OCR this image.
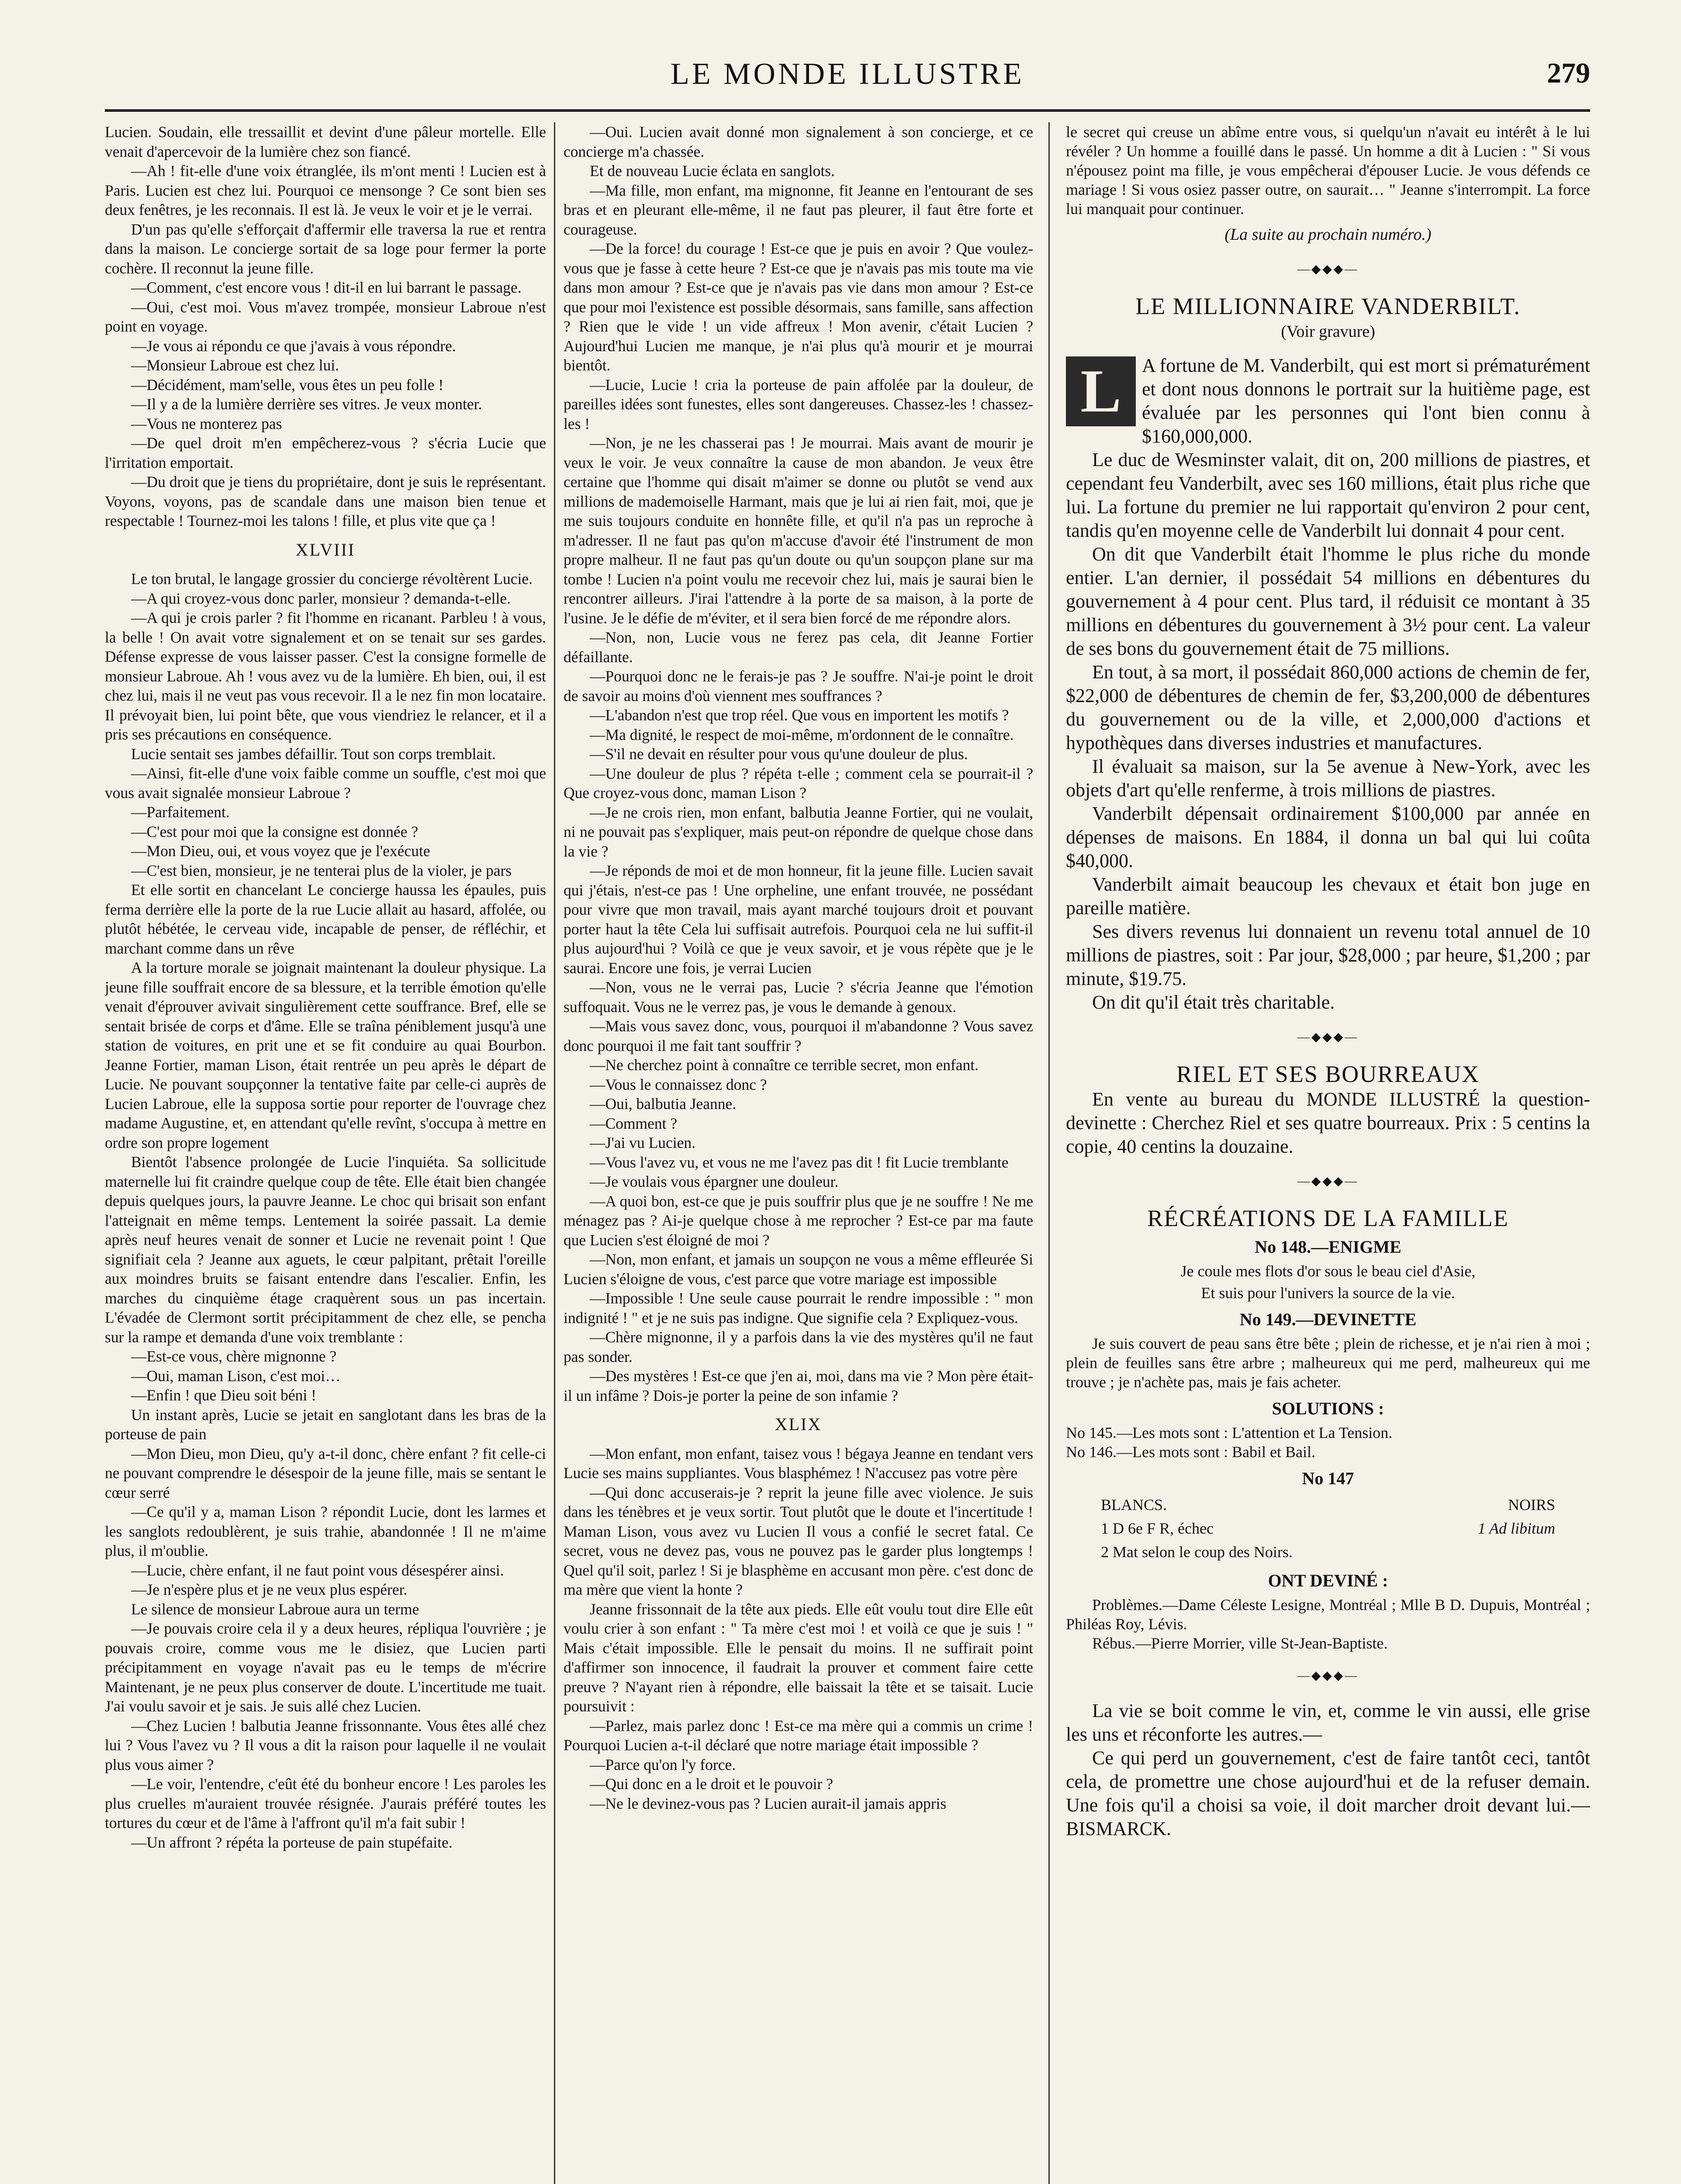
LE MONDE ILLUSTRE	279

Lucien. Soudain, elle tressaillit et devint d'une pâleur mortelle. Elle venait d'apercevoir de la lumière chez son fiancé.

—Ah ! fit-elle d'une voix étranglée, ils m'ont menti ! Lucien est à Paris. Lucien est chez lui. Pourquoi ce mensonge ? Ce sont bien ses deux fenêtres, je les reconnais. Il est là. Je veux le voir et je le verrai.

D'un pas qu'elle s'efforçait d'affermir elle traversa la rue et rentra dans la maison. Le concierge sortait de sa loge pour fermer la porte cochère. Il reconnut la jeune fille.

—Comment, c'est encore vous ! dit-il en lui barrant le passage.

—Oui, c'est moi. Vous m'avez trompée, monsieur Labroue n'est point en voyage.

—Je vous ai répondu ce que j'avais à vous répondre.

—Monsieur Labroue est chez lui.

—Décidément, mam'selle, vous êtes un peu folle !

—Il y a de la lumière derrière ses vitres. Je veux monter.

—Vous ne monterez pas

—De quel droit m'en empêcherez-vous ? s'écria Lucie que l'irritation emportait.

—Du droit que je tiens du propriétaire, dont je suis le représentant. Voyons, voyons, pas de scandale dans une maison bien tenue et respectable ! Tournez-moi les talons ! fille, et plus vite que ça !

XLVIII

Le ton brutal, le langage grossier du concierge révoltèrent Lucie.

—A qui croyez-vous donc parler, monsieur ? demanda-t-elle.

—A qui je crois parler ? fit l'homme en ricanant. Parbleu ! à vous, la belle ! On avait votre signalement et on se tenait sur ses gardes. Défense expresse de vous laisser passer. C'est la consigne formelle de monsieur Labroue. Ah ! vous avez vu de la lumière. Eh bien, oui, il est chez lui, mais il ne veut pas vous recevoir. Il a le nez fin mon locataire. Il prévoyait bien, lui point bête, que vous viendriez le relancer, et il a pris ses précautions en conséquence.

Lucie sentait ses jambes défaillir. Tout son corps tremblait.

—Ainsi, fit-elle d'une voix faible comme un souffle, c'est moi que vous avait signalée monsieur Labroue ?

—Parfaitement.

—C'est pour moi que la consigne est donnée ?

—Mon Dieu, oui, et vous voyez que je l'exécute

—C'est bien, monsieur, je ne tenterai plus de la violer, je pars

Et elle sortit en chancelant Le concierge haussa les épaules, puis ferma derrière elle la porte de la rue Lucie allait au hasard, affolée, ou plutôt hébétée, le cerveau vide, incapable de penser, de réfléchir, et marchant comme dans un rêve

A la torture morale se joignait maintenant la douleur physique. La jeune fille souffrait encore de sa blessure, et la terrible émotion qu'elle venait d'éprouver avivait singulièrement cette souffrance. Bref, elle se sentait brisée de corps et d'âme. Elle se traîna péniblement jusqu'à une station de voitures, en prit une et se fit conduire au quai Bourbon. Jeanne Fortier, maman Lison, était rentrée un peu après le départ de Lucie. Ne pouvant soupçonner la tentative faite par celle-ci auprès de Lucien Labroue, elle la supposa sortie pour reporter de l'ouvrage chez madame Augustine, et, en attendant qu'elle revînt, s'occupa à mettre en ordre son propre logement

Bientôt l'absence prolongée de Lucie l'inquiéta. Sa sollicitude maternelle lui fit craindre quelque coup de tête. Elle était bien changée depuis quelques jours, la pauvre Jeanne. Le choc qui brisait son enfant l'atteignait en même temps. Lentement la soirée passait. La demie après neuf heures venait de sonner et Lucie ne revenait point ! Que signifiait cela ? Jeanne aux aguets, le cœur palpitant, prêtait l'oreille aux moindres bruits se faisant entendre dans l'escalier. Enfin, les marches du cinquième étage craquèrent sous un pas incertain. L'évadée de Clermont sortit précipitamment de chez elle, se pencha sur la rampe et demanda d'une voix tremblante :

—Est-ce vous, chère mignonne ?

—Oui, maman Lison, c'est moi…

—Enfin ! que Dieu soit béni !

Un instant après, Lucie se jetait en sanglotant dans les bras de la porteuse de pain

—Mon Dieu, mon Dieu, qu'y a-t-il donc, chère enfant ? fit celle-ci ne pouvant comprendre le désespoir de la jeune fille, mais se sentant le cœur serré

—Ce qu'il y a, maman Lison ? répondit Lucie, dont les larmes et les sanglots redoublèrent, je suis trahie, abandonnée ! Il ne m'aime plus, il m'oublie.

—Lucie, chère enfant, il ne faut point vous désespérer ainsi.

—Je n'espère plus et je ne veux plus espérer.

Le silence de monsieur Labroue aura un terme

—Je pouvais croire cela il y a deux heures, répliqua l'ouvrière ; je pouvais croire, comme vous me le disiez, que Lucien parti précipitamment en voyage n'avait pas eu le temps de m'écrire Maintenant, je ne peux plus conserver de doute. L'incertitude me tuait. J'ai voulu savoir et je sais. Je suis allé chez Lucien.

—Chez Lucien ! balbutia Jeanne frissonnante. Vous êtes allé chez lui ? Vous l'avez vu ? Il vous a dit la raison pour laquelle il ne voulait plus vous aimer ?

—Le voir, l'entendre, c'eût été du bonheur encore ! Les paroles les plus cruelles m'auraient trouvée résignée. J'aurais préféré toutes les tortures du cœur et de l'âme à l'affront qu'il m'a fait subir !

—Un affront ? répéta la porteuse de pain stupéfaite.

—Oui. Lucien avait donné mon signalement à son concierge, et ce concierge m'a chassée.

Et de nouveau Lucie éclata en sanglots.

—Ma fille, mon enfant, ma mignonne, fit Jeanne en l'entourant de ses bras et en pleurant elle-même, il ne faut pas pleurer, il faut être forte et courageuse.

—De la force! du courage ! Est-ce que je puis en avoir ? Que voulez-vous que je fasse à cette heure ? Est-ce que je n'avais pas mis toute ma vie dans mon amour ? Est-ce que je n'avais pas vie dans mon amour ? Est-ce que pour moi l'existence est possible désormais, sans famille, sans affection ? Rien que le vide ! un vide affreux ! Mon avenir, c'était Lucien ? Aujourd'hui Lucien me manque, je n'ai plus qu'à mourir et je mourrai bientôt.

—Lucie, Lucie ! cria la porteuse de pain affolée par la douleur, de pareilles idées sont funestes, elles sont dangereuses. Chassez-les ! chassez-les !

—Non, je ne les chasserai pas ! Je mourrai. Mais avant de mourir je veux le voir. Je veux connaître la cause de mon abandon. Je veux être certaine que l'homme qui disait m'aimer se donne ou plutôt se vend aux millions de mademoiselle Harmant, mais que je lui ai rien fait, moi, que je me suis toujours conduite en honnête fille, et qu'il n'a pas un reproche à m'adresser. Il ne faut pas qu'on m'accuse d'avoir été l'instrument de mon propre malheur. Il ne faut pas qu'un doute ou qu'un soupçon plane sur ma tombe ! Lucien n'a point voulu me recevoir chez lui, mais je saurai bien le rencontrer ailleurs. J'irai l'attendre à la porte de sa maison, à la porte de l'usine. Je le défie de m'éviter, et il sera bien forcé de me répondre alors.

—Non, non, Lucie vous ne ferez pas cela, dit Jeanne Fortier défaillante.

—Pourquoi donc ne le ferais-je pas ? Je souffre. N'ai-je point le droit de savoir au moins d'où viennent mes souffrances ?

—L'abandon n'est que trop réel. Que vous en importent les motifs ?

—Ma dignité, le respect de moi-même, m'ordonnent de le connaître.

—S'il ne devait en résulter pour vous qu'une douleur de plus.

—Une douleur de plus ? répéta t-elle ; comment cela se pourrait-il ? Que croyez-vous donc, maman Lison ?

—Je ne crois rien, mon enfant, balbutia Jeanne Fortier, qui ne voulait, ni ne pouvait pas s'expliquer, mais peut-on répondre de quelque chose dans la vie ?

—Je réponds de moi et de mon honneur, fit la jeune fille. Lucien savait qui j'étais, n'est-ce pas ! Une orpheline, une enfant trouvée, ne possédant pour vivre que mon travail, mais ayant marché toujours droit et pouvant porter haut la tête Cela lui suffisait autrefois. Pourquoi cela ne lui suffit-il plus aujourd'hui ? Voilà ce que je veux savoir, et je vous répète que je le saurai. Encore une fois, je verrai Lucien

—Non, vous ne le verrai pas, Lucie ? s'écria Jeanne que l'émotion suffoquait. Vous ne le verrez pas, je vous le demande à genoux.

—Mais vous savez donc, vous, pourquoi il m'abandonne ? Vous savez donc pourquoi il me fait tant souffrir ?

—Ne cherchez point à connaître ce terrible secret, mon enfant.

—Vous le connaissez donc ?

—Oui, balbutia Jeanne.

—Comment ?

—J'ai vu Lucien.

—Vous l'avez vu, et vous ne me l'avez pas dit ! fit Lucie tremblante

—Je voulais vous épargner une douleur.

—A quoi bon, est-ce que je puis souffrir plus que je ne souffre ! Ne me ménagez pas ? Ai-je quelque chose à me reprocher ? Est-ce par ma faute que Lucien s'est éloigné de moi ?

—Non, mon enfant, et jamais un soupçon ne vous a même effleurée Si Lucien s'éloigne de vous, c'est parce que votre mariage est impossible

—Impossible ! Une seule cause pourrait le rendre impossible : " mon indignité ! " et je ne suis pas indigne. Que signifie cela ? Expliquez-vous.

—Chère mignonne, il y a parfois dans la vie des mystères qu'il ne faut pas sonder.

—Des mystères ! Est-ce que j'en ai, moi, dans ma vie ? Mon père était-il un infâme ? Dois-je porter la peine de son infamie ?

XLIX

—Mon enfant, mon enfant, taisez vous ! bégaya Jeanne en tendant vers Lucie ses mains suppliantes. Vous blasphémez ! N'accusez pas votre père

—Qui donc accuserais-je ? reprit la jeune fille avec violence. Je suis dans les ténèbres et je veux sortir. Tout plutôt que le doute et l'incertitude ! Maman Lison, vous avez vu Lucien Il vous a confié le secret fatal. Ce secret, vous ne devez pas, vous ne pouvez pas le garder plus longtemps ! Quel qu'il soit, parlez ! Si je blasphème en accusant mon père. c'est donc de ma mère que vient la honte ?

Jeanne frissonnait de la tête aux pieds. Elle eût voulu tout dire Elle eût voulu crier à son enfant : " Ta mère c'est moi ! et voilà ce que je suis ! " Mais c'était impossible. Elle le pensait du moins. Il ne suffirait point d'affirmer son innocence, il faudrait la prouver et comment faire cette preuve ? N'ayant rien à répondre, elle baissait la tête et se taisait. Lucie poursuivit :

—Parlez, mais parlez donc ! Est-ce ma mère qui a commis un crime ! Pourquoi Lucien a-t-il déclaré que notre mariage était impossible ?

—Parce qu'on l'y force.

—Qui donc en a le droit et le pouvoir ?

—Ne le devinez-vous pas ? Lucien aurait-il jamais appris

le secret qui creuse un abîme entre vous, si quelqu'un n'avait eu intérêt à le lui révéler ? Un homme a fouillé dans le passé. Un homme a dit à Lucien : " Si vous n'épousez point ma fille, je vous empêcherai d'épouser Lucie. Je vous défends ce mariage ! Si vous osiez passer outre, on saurait… " Jeanne s'interrompit. La force lui manquait pour continuer.

(La suite au prochain numéro.)
—◆◆◆—
LE MILLIONNAIRE VANDERBILT.
(Voir gravure)
L	A fortune de M. Vanderbilt, qui est mort si prématurément et dont nous donnons le portrait sur la huitième page, est évaluée par les personnes qui l'ont bien connu à $160,000,000.

Le duc de Wesminster valait, dit on, 200 millions de piastres, et cependant feu Vanderbilt, avec ses 160 millions, était plus riche que lui. La fortune du premier ne lui rapportait qu'environ 2 pour cent, tandis qu'en moyenne celle de Vanderbilt lui donnait 4 pour cent.

On dit que Vanderbilt était l'homme le plus riche du monde entier. L'an dernier, il possédait 54 millions en débentures du gouvernement à 4 pour cent. Plus tard, il réduisit ce montant à 35 millions en débentures du gouvernement à 3½ pour cent. La valeur de ses bons du gouvernement était de 75 millions.

En tout, à sa mort, il possédait 860,000 actions de chemin de fer, $22,000 de débentures de chemin de fer, $3,200,000 de débentures du gouvernement ou de la ville, et 2,000,000 d'actions et hypothèques dans diverses industries et manufactures.

Il évaluait sa maison, sur la 5e avenue à New-York, avec les objets d'art qu'elle renferme, à trois millions de piastres.

Vanderbilt dépensait ordinairement $100,000 par année en dépenses de maisons. En 1884, il donna un bal qui lui coûta $40,000.

Vanderbilt aimait beaucoup les chevaux et était bon juge en pareille matière.

Ses divers revenus lui donnaient un revenu total annuel de 10 millions de piastres, soit : Par jour, $28,000 ; par heure, $1,200 ; par minute, $19.75.

On dit qu'il était très charitable.

—◆◆◆—
RIEL ET SES BOURREAUX

En vente au bureau du MONDE ILLUSTRÉ la question-devinette : Cherchez Riel et ses quatre bourreaux. Prix : 5 centins la copie, 40 centins la douzaine.

—◆◆◆—
RÉCRÉATIONS DE LA FAMILLE
No 148.—ENIGME
Je coule mes flots d'or sous le beau ciel d'Asie,
Et suis pour l'univers la source de la vie.
No 149.—DEVINETTE

Je suis couvert de peau sans être bête ; plein de richesse, et je n'ai rien à moi ; plein de feuilles sans être arbre ; malheureux qui me perd, malheureux qui me trouve ; je n'achète pas, mais je fais acheter.

SOLUTIONS :

No 145.—Les mots sont : L'attention et La Tension.

No 146.—Les mots sont : Babil et Bail.

No 147
BLANCS.	NOIRS
1 D 6e F R, échec	1 Ad libitum
2 Mat selon le coup des Noirs.
ONT DEVINÉ :

Problèmes.—Dame Céleste Lesigne, Montréal ; Mlle B D. Dupuis, Montréal ; Philéas Roy, Lévis.

Rébus.—Pierre Morrier, ville St-Jean-Baptiste.

—◆◆◆—

La vie se boit comme le vin, et, comme le vin aussi, elle grise les uns et réconforte les autres.—

Ce qui perd un gouvernement, c'est de faire tantôt ceci, tantôt cela, de promettre une chose aujourd'hui et de la refuser demain. Une fois qu'il a choisi sa voie, il doit marcher droit devant lui.—BISMARCK.
